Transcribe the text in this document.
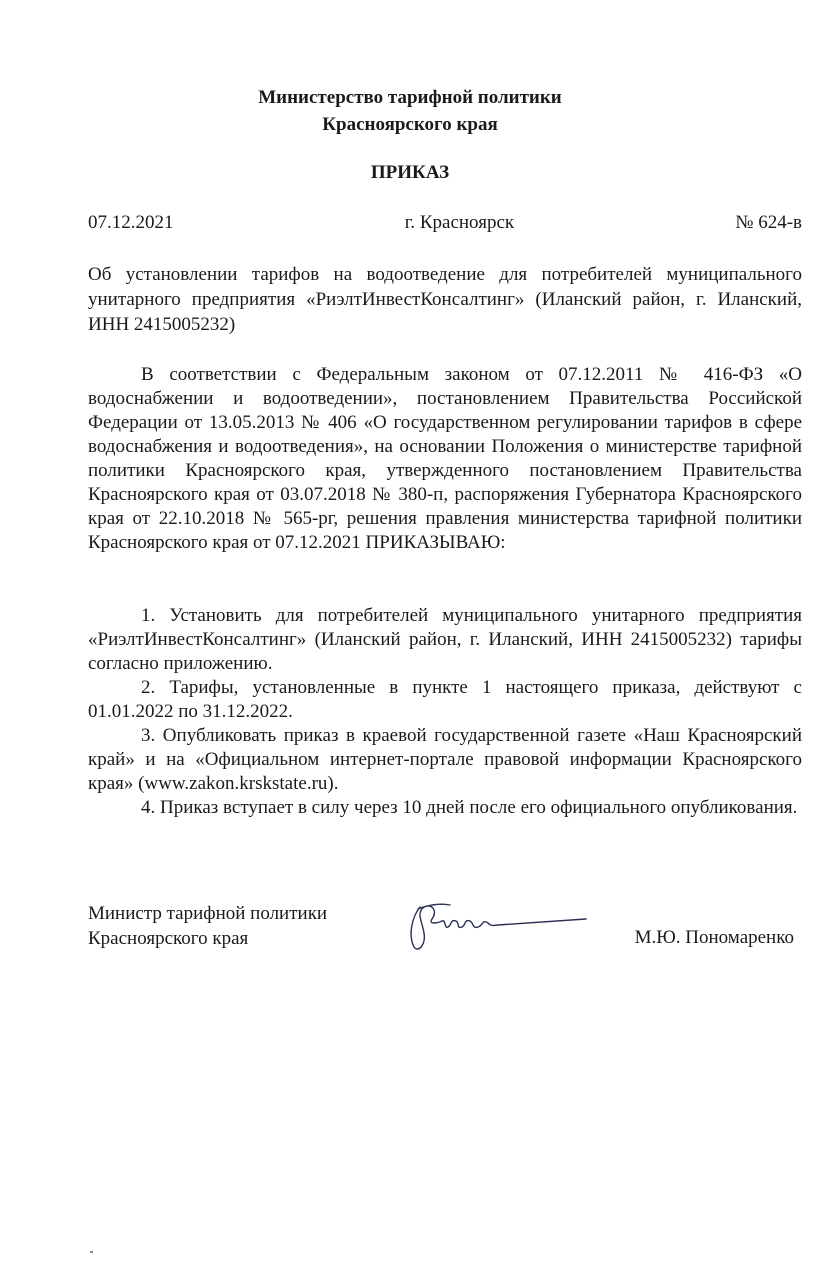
Министерство тарифной политики
Красноярского края
ПРИКАЗ
07.12.2021	г. Красноярск	№ 624-в

Об установлении тарифов на водоотведение для потребителей муниципального унитарного предприятия «РиэлтИнвестКонсалтинг» (Иланский район, г. Иланский, ИНН 2415005232)

В соответствии с Федеральным законом от 07.12.2011 № 416-ФЗ «О водоснабжении и водоотведении», постановлением Правительства Российской Федерации от 13.05.2013 № 406 «О государственном регулировании тарифов в сфере водоснабжения и водоотведения», на основании Положения о министерстве тарифной политики Красноярского края, утвержденного постановлением Правительства Красноярского края от 03.07.2018 № 380-п, распоряжения Губернатора Красноярского края от 22.10.2018 № 565-рг, решения правления министерства тарифной политики Красноярского края от 07.12.2021 ПРИКАЗЫВАЮ:

1. Установить для потребителей муниципального унитарного предприятия «РиэлтИнвестКонсалтинг» (Иланский район, г. Иланский, ИНН 2415005232) тарифы согласно приложению.

2. Тарифы, установленные в пункте 1 настоящего приказа, действуют с 01.01.2022 по 31.12.2022.

3. Опубликовать приказ в краевой государственной газете «Наш Красноярский край» и на «Официальном интернет-портале правовой информации Красноярского края» (www.zakon.krskstate.ru).

4. Приказ вступает в силу через 10 дней после его официального опубликования.

Министр тарифной политики
Красноярского края	М.Ю. Пономаренко
